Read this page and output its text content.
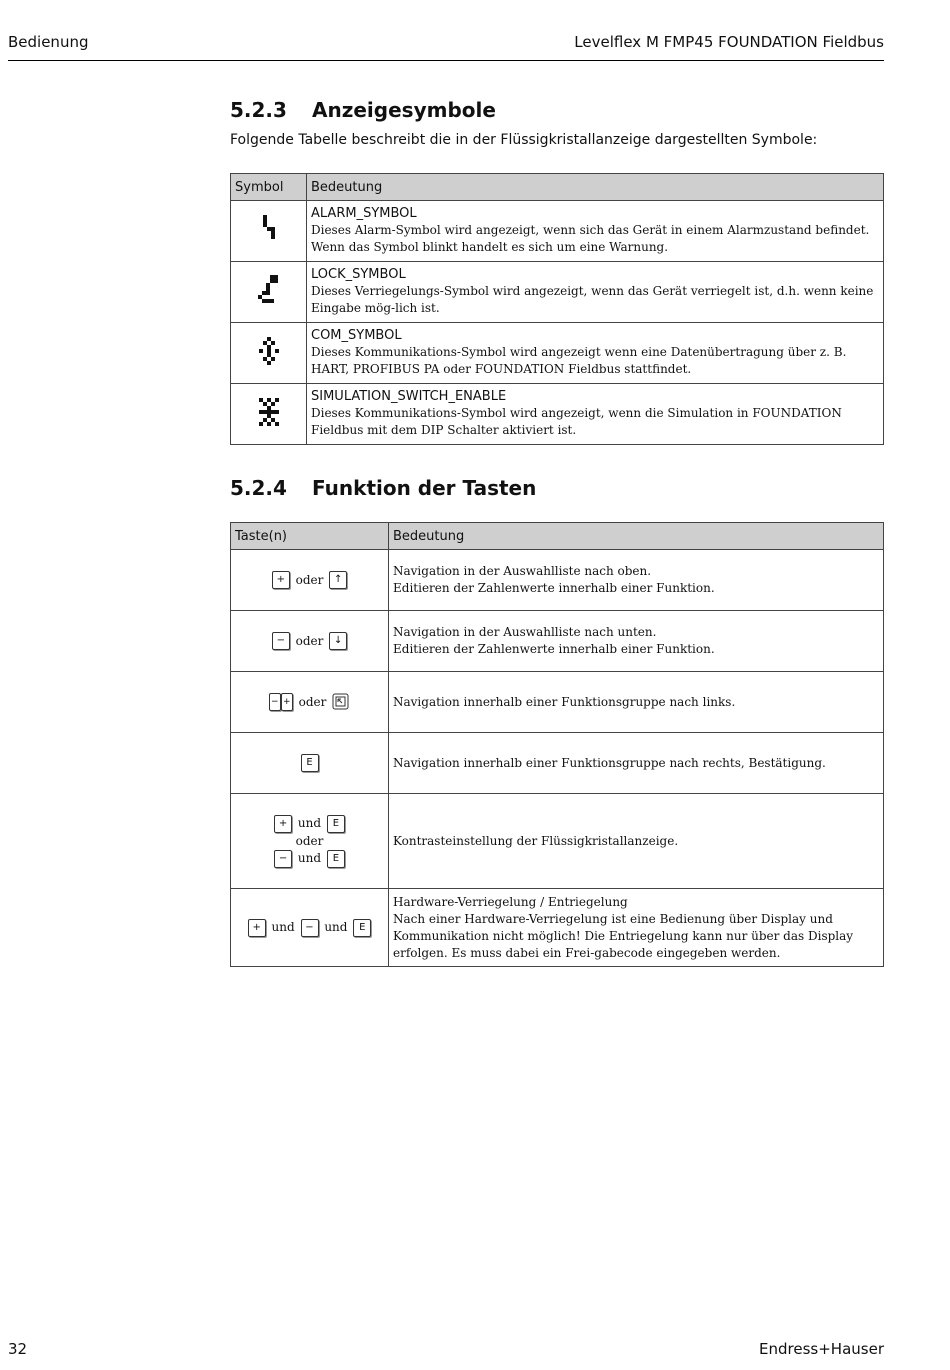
Bedienung	Levelflex M FMP45 FOUNDATION Fieldbus
5.2.3 Anzeigesymbole
Folgende Tabelle beschreibt die in der Flüssigkristallanzeige dargestellten Symbole:
Symbol	Bedeutung

ALARM_SYMBOL
Dieses Alarm-Symbol wird angezeigt, wenn sich das Gerät in einem Alarmzustand befindet. Wenn das Symbol blinkt handelt es sich um eine Warnung.

LOCK_SYMBOL
Dieses Verriegelungs-Symbol wird angezeigt, wenn das Gerät verriegelt ist, d.h. wenn keine Eingabe mög-lich ist.

COM_SYMBOL
Dieses Kommunikations-Symbol wird angezeigt wenn eine Datenübertragung über z. B. HART, PROFIBUS PA oder FOUNDATION Fieldbus stattfindet.

SIMULATION_SWITCH_ENABLE
Dieses Kommunikations-Symbol wird angezeigt, wenn die Simulation in FOUNDATION Fieldbus mit dem DIP Schalter aktiviert ist.
5.2.4 Funktion der Tasten
Taste(n)	Bedeutung
+ oder ↑	Navigation in der Auswahlliste nach oben.
Editieren der Zahlenwerte innerhalb einer Funktion.

− oder ↓	Navigation in der Auswahlliste nach unten.
Editieren der Zahlenwerte innerhalb einer Funktion.

− + oder	Navigation innerhalb einer Funktionsgruppe nach links.

E	Navigation innerhalb einer Funktionsgruppe nach rechts, Bestätigung.

+ und E
oder
− und E	Kontrasteinstellung der Flüssigkristallanzeige.

+ und − und E	Hardware-Verriegelung / Entriegelung
Nach einer Hardware-Verriegelung ist eine Bedienung über Display und Kommunikation nicht möglich! Die Entriegelung kann nur über das Display erfolgen. Es muss dabei ein Frei-gabecode eingegeben werden.
32	Endress+Hauser
